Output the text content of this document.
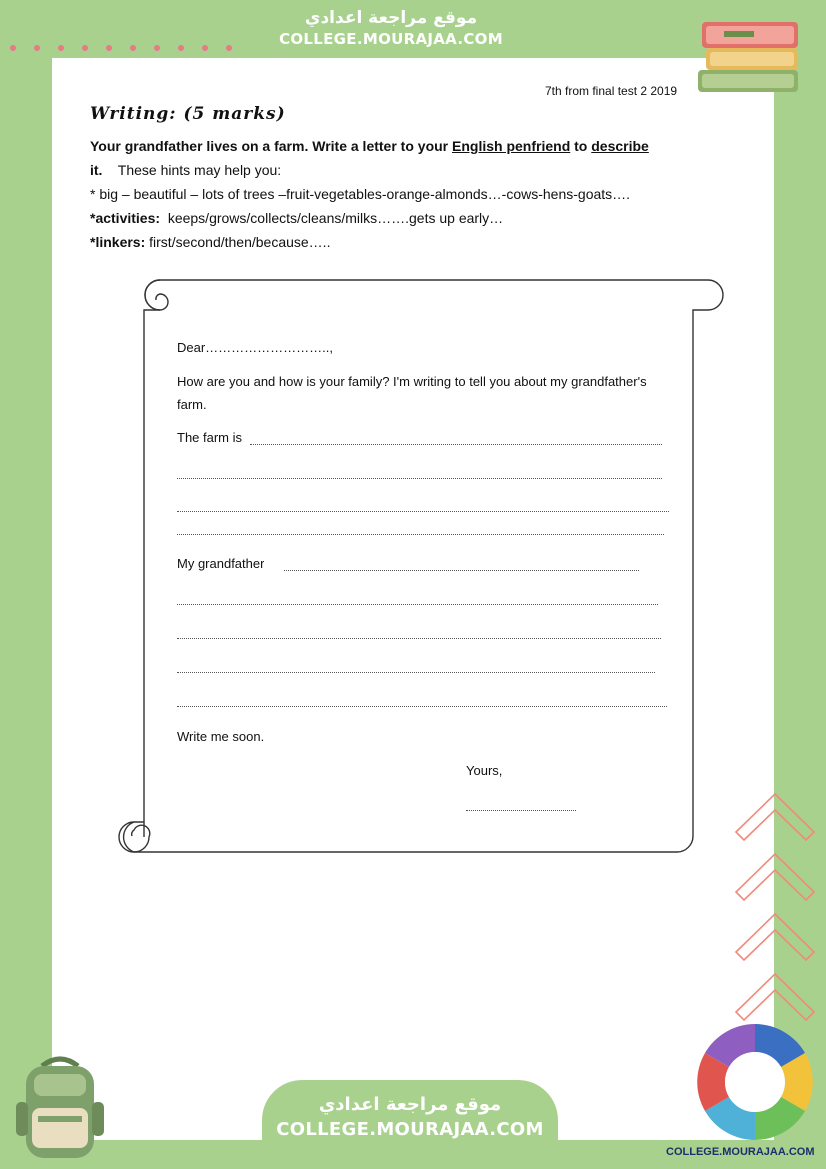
موقع مراجعة اعدادي
COLLEGE.MOURAJAA.COM
7th from final test 2 2019
Writing: (5 marks)
Your grandfather lives on a farm. Write a letter to your English penfriend to describe
it. These hints may help you:
* big – beautiful – lots of trees –fruit-vegetables-orange-almonds…-cows-hens-goats….
*activities: keeps/grows/collects/cleans/milks…….gets up early…
*linkers: first/second/then/because…..
Dear………………………..,
How are you and how is your family? I'm writing to tell you about my grandfather's
farm.
The farm is
My grandfather
Write me soon.
Yours,
موقع مراجعة اعدادي
COLLEGE.MOURAJAA.COM
COLLEGE.MOURAJAA.COM
